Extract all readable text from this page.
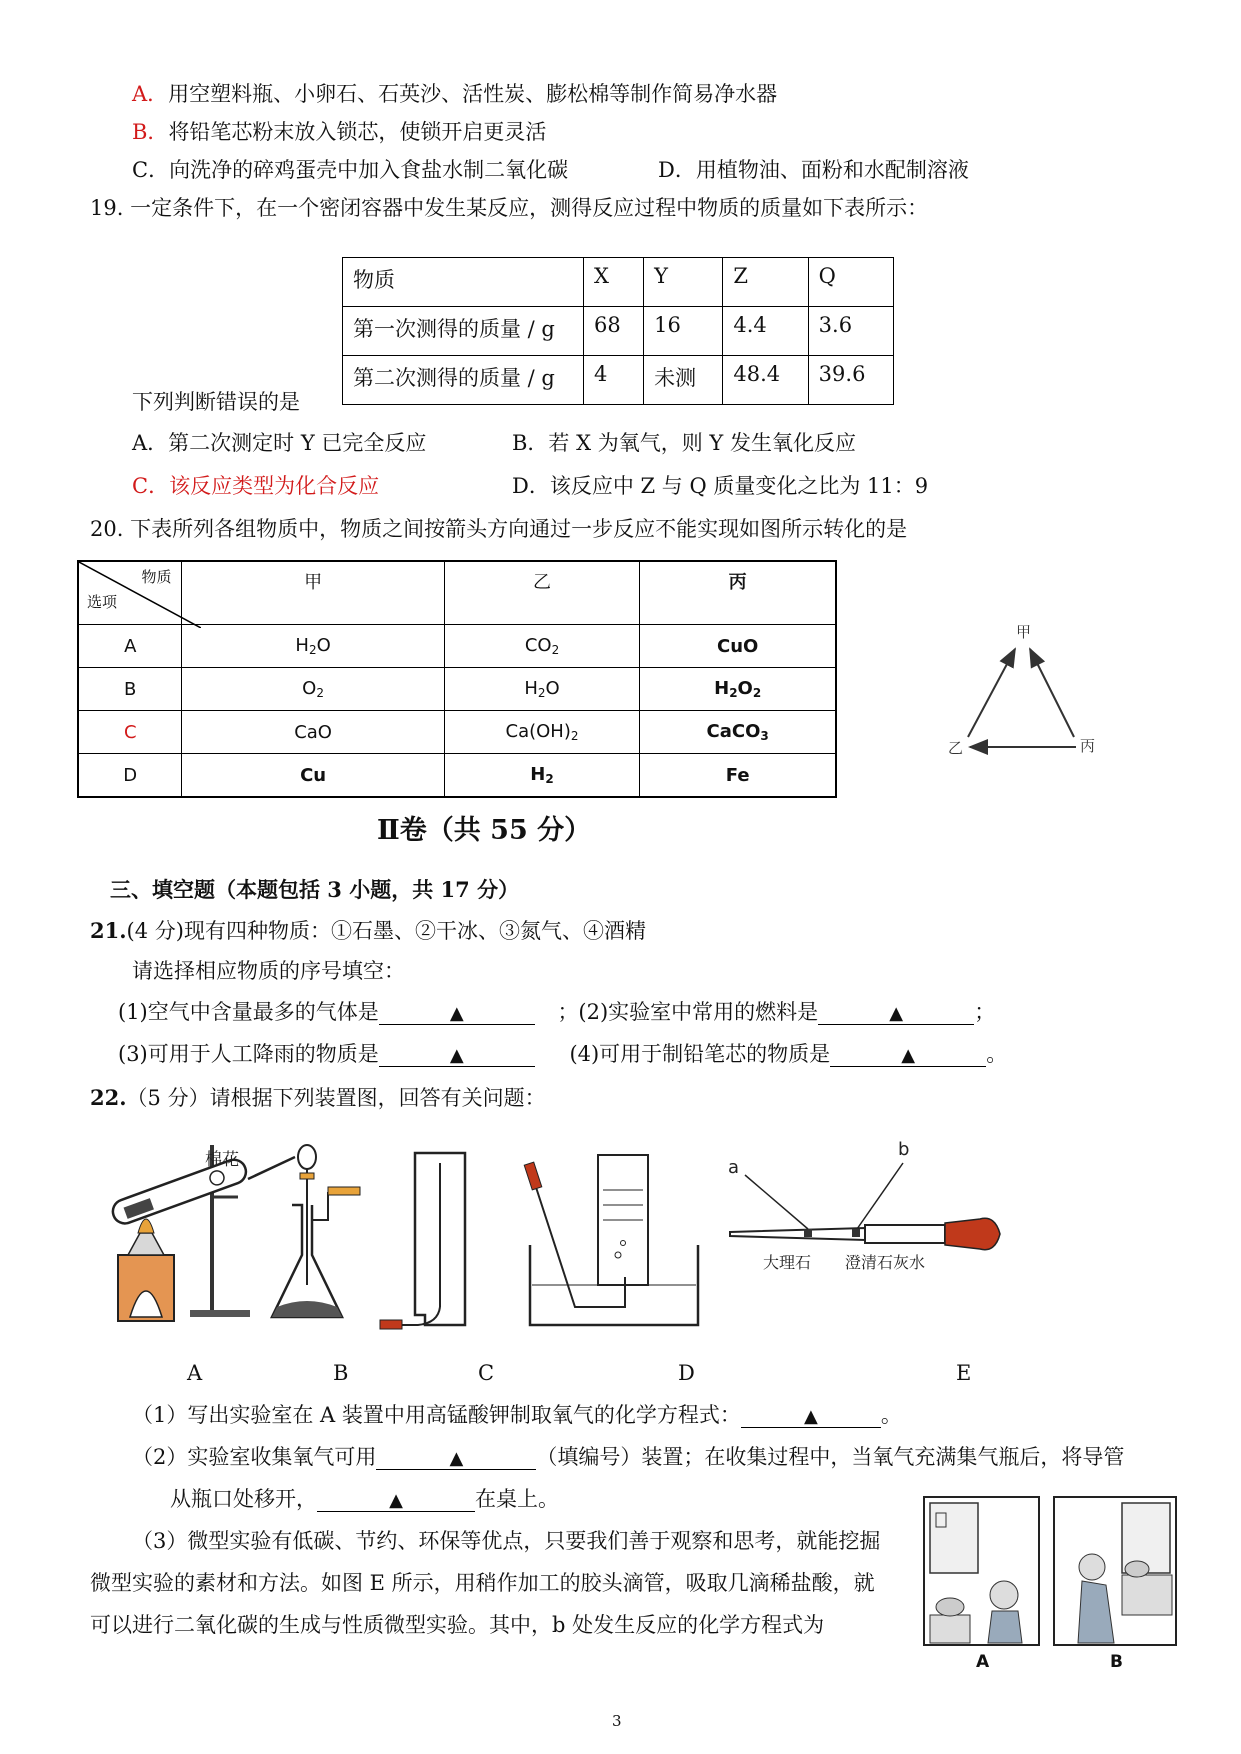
A．用空塑料瓶、小卵石、石英沙、活性炭、膨松棉等制作简易净水器
B．将铅笔芯粉末放入锁芯，使锁开启更灵活
C．向洗净的碎鸡蛋壳中加入食盐水制二氧化碳	D．用植物油、面粉和水配制溶液
19. 一定条件下，在一个密闭容器中发生某反应，测得反应过程中物质的质量如下表所示：
物质	X	Y	Z	Q
第一次测得的质量 / g	68	16	4.4	3.6
第二次测得的质量 / g	4	未测	48.4	39.6
下列判断错误的是
A．第二次测定时 Y 已完全反应	B．若 X 为氧气，则 Y 发生氧化反应
C．该反应类型为化合反应	D．该反应中 Z 与 Q 质量变化之比为 11：9
20. 下表所列各组物质中，物质之间按箭头方向通过一步反应不能实现如图所示转化的是
物质
选项	甲	乙	丙
A	$H_2O$	$CO_2$	CuO
B	$O_2$	$H_2O$	$H_2O_2$
C	CaO	$Ca(OH)_2$	CaCO$_3$
D	Cu	$H_2$	Fe
甲
乙	丙
Ⅱ卷（共 55 分）
三、填空题（本题包括 3 小题，共 17 分）
21.(4 分)现有四种物质：①石墨、②干冰、③氮气、④酒精
请选择相应物质的序号填空：
(1)空气中含量最多的气体是	▲	；(2)实验室中常用的燃料是	▲	；
(3)可用于人工降雨的物质是	▲	(4)可用于制铅笔芯的物质是	▲	。
22.（5 分）请根据下列装置图，回答有关问题：
棉花	a
b
大理石 澄清石灰水
A	B	C	D	E
（1）写出实验室在 A 装置中用高锰酸钾制取氧气的化学方程式：	▲	。
（2）实验室收集氧气可用	▲	（填编号）装置；在收集过程中，当氧气充满集气瓶后，将导管
从瓶口处移开，	▲	在桌上。
（3）微型实验有低碳、节约、环保等优点，只要我们善于观察和思考，就能挖掘
微型实验的素材和方法。如图 E 所示，用稍作加工的胶头滴管，吸取几滴稀盐酸，就
可以进行二氧化碳的生成与性质微型实验。其中，b 处发生反应的化学方程式为
A	B
3
